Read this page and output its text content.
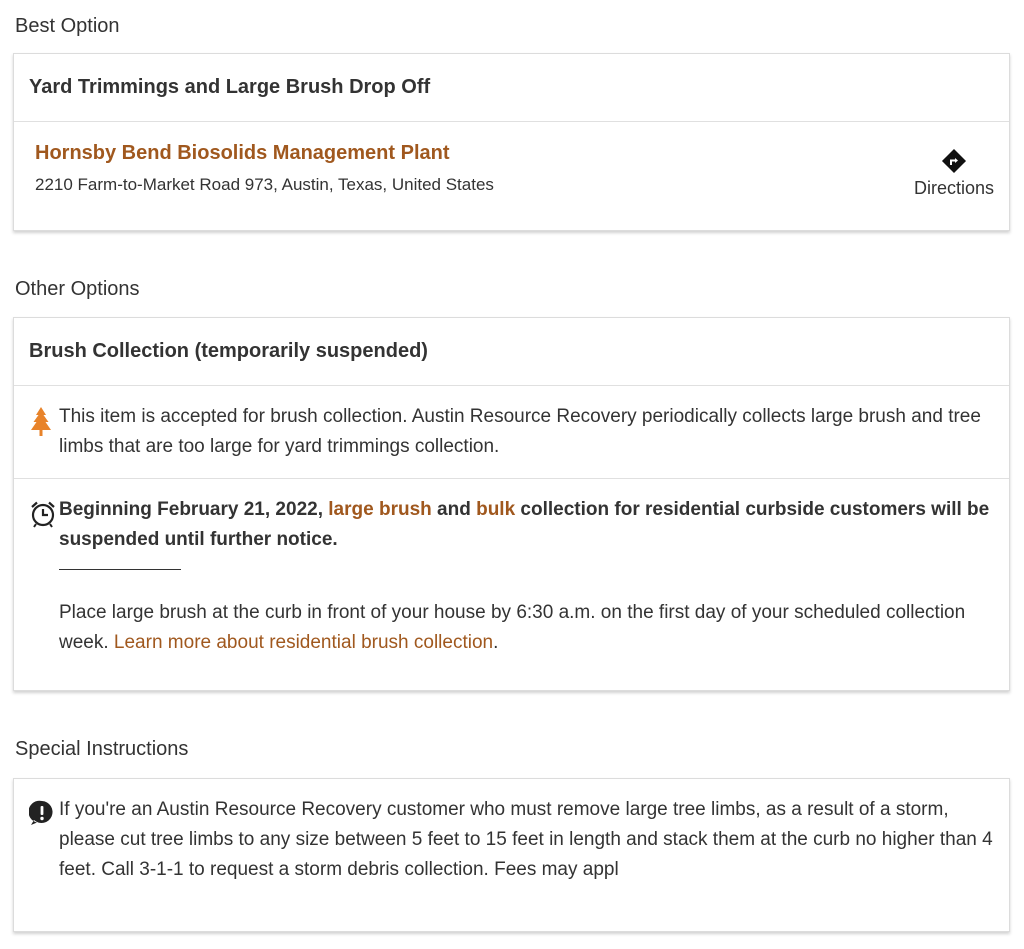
Best Option
Yard Trimmings and Large Brush Drop Off
Hornsby Bend Biosolids Management Plant
2210 Farm-to-Market Road 973, Austin, Texas, United States	Directions
Other Options
Brush Collection (temporarily suspended)
This item is accepted for brush collection. Austin Resource Recovery periodically collects large brush and tree limbs that are too large for yard trimmings collection.
Beginning February 21, 2022, large brush and bulk collection for residential curbside customers will be suspended until further notice.
Place large brush at the curb in front of your house by 6:30 a.m. on the first day of your scheduled collection week. Learn more about residential brush collection.
Special Instructions
If you're an Austin Resource Recovery customer who must remove large tree limbs, as a result of a storm, please cut tree limbs to any size between 5 feet to 15 feet in length and stack them at the curb no higher than 4 feet. Call 3-1-1 to request a storm debris collection. Fees may appl
